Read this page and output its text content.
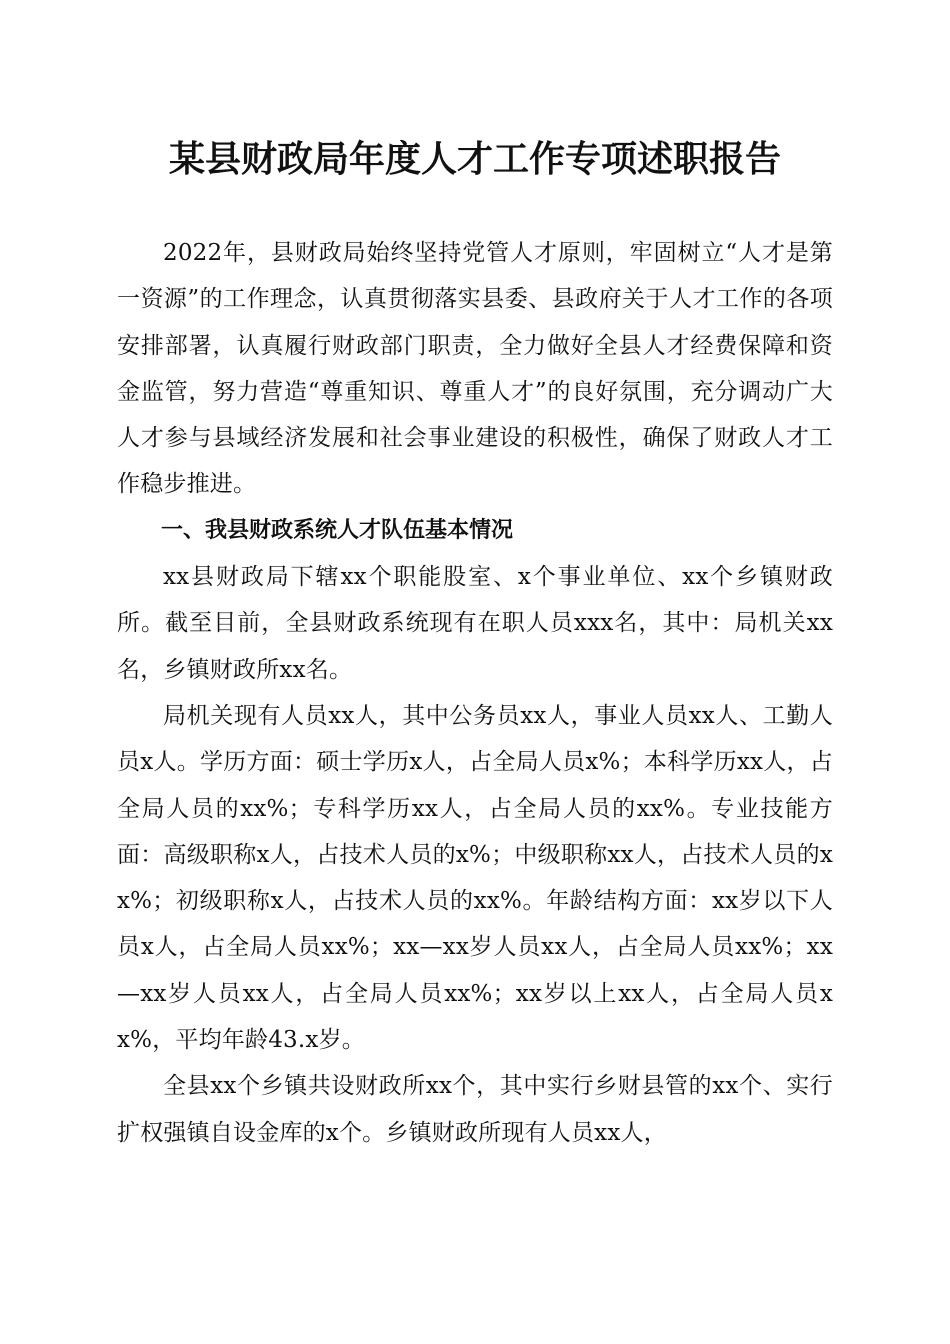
某县财政局年度人才工作专项述职报告

2022年，县财政局始终坚持党管人才原则，牢固树立“人才是第一资源”的工作理念，认真贯彻落实县委、县政府关于人才工作的各项安排部署，认真履行财政部门职责，全力做好全县人才经费保障和资金监管，努力营造“尊重知识、尊重人才”的良好氛围，充分调动广大人才参与县域经济发展和社会事业建设的积极性，确保了财政人才工作稳步推进。

一、我县财政系统人才队伍基本情况

xx县财政局下辖xx个职能股室、x个事业单位、xx个乡镇财政所。截至目前，全县财政系统现有在职人员xxx名，其中：局机关xx名，乡镇财政所xx名。

局机关现有人员xx人，其中公务员xx人，事业人员xx人、工勤人员x人。学历方面：硕士学历x人，占全局人员x%；本科学历xx人，占全局人员的xx%；专科学历xx人，占全局人员的xx%。专业技能方面：高级职称x人，占技术人员的x%；中级职称xx人，占技术人员的xx%；初级职称x人，占技术人员的xx%。年龄结构方面：xx岁以下人员x人，占全局人员xx%；xx—xx岁人员xx人，占全局人员xx%；xx—xx岁人员xx人，占全局人员xx%；xx岁以上xx人，占全局人员xx%，平均年龄43.x岁。

全县xx个乡镇共设财政所xx个，其中实行乡财县管的xx个、实行扩权强镇自设金库的x个。乡镇财政所现有人员xx人，
